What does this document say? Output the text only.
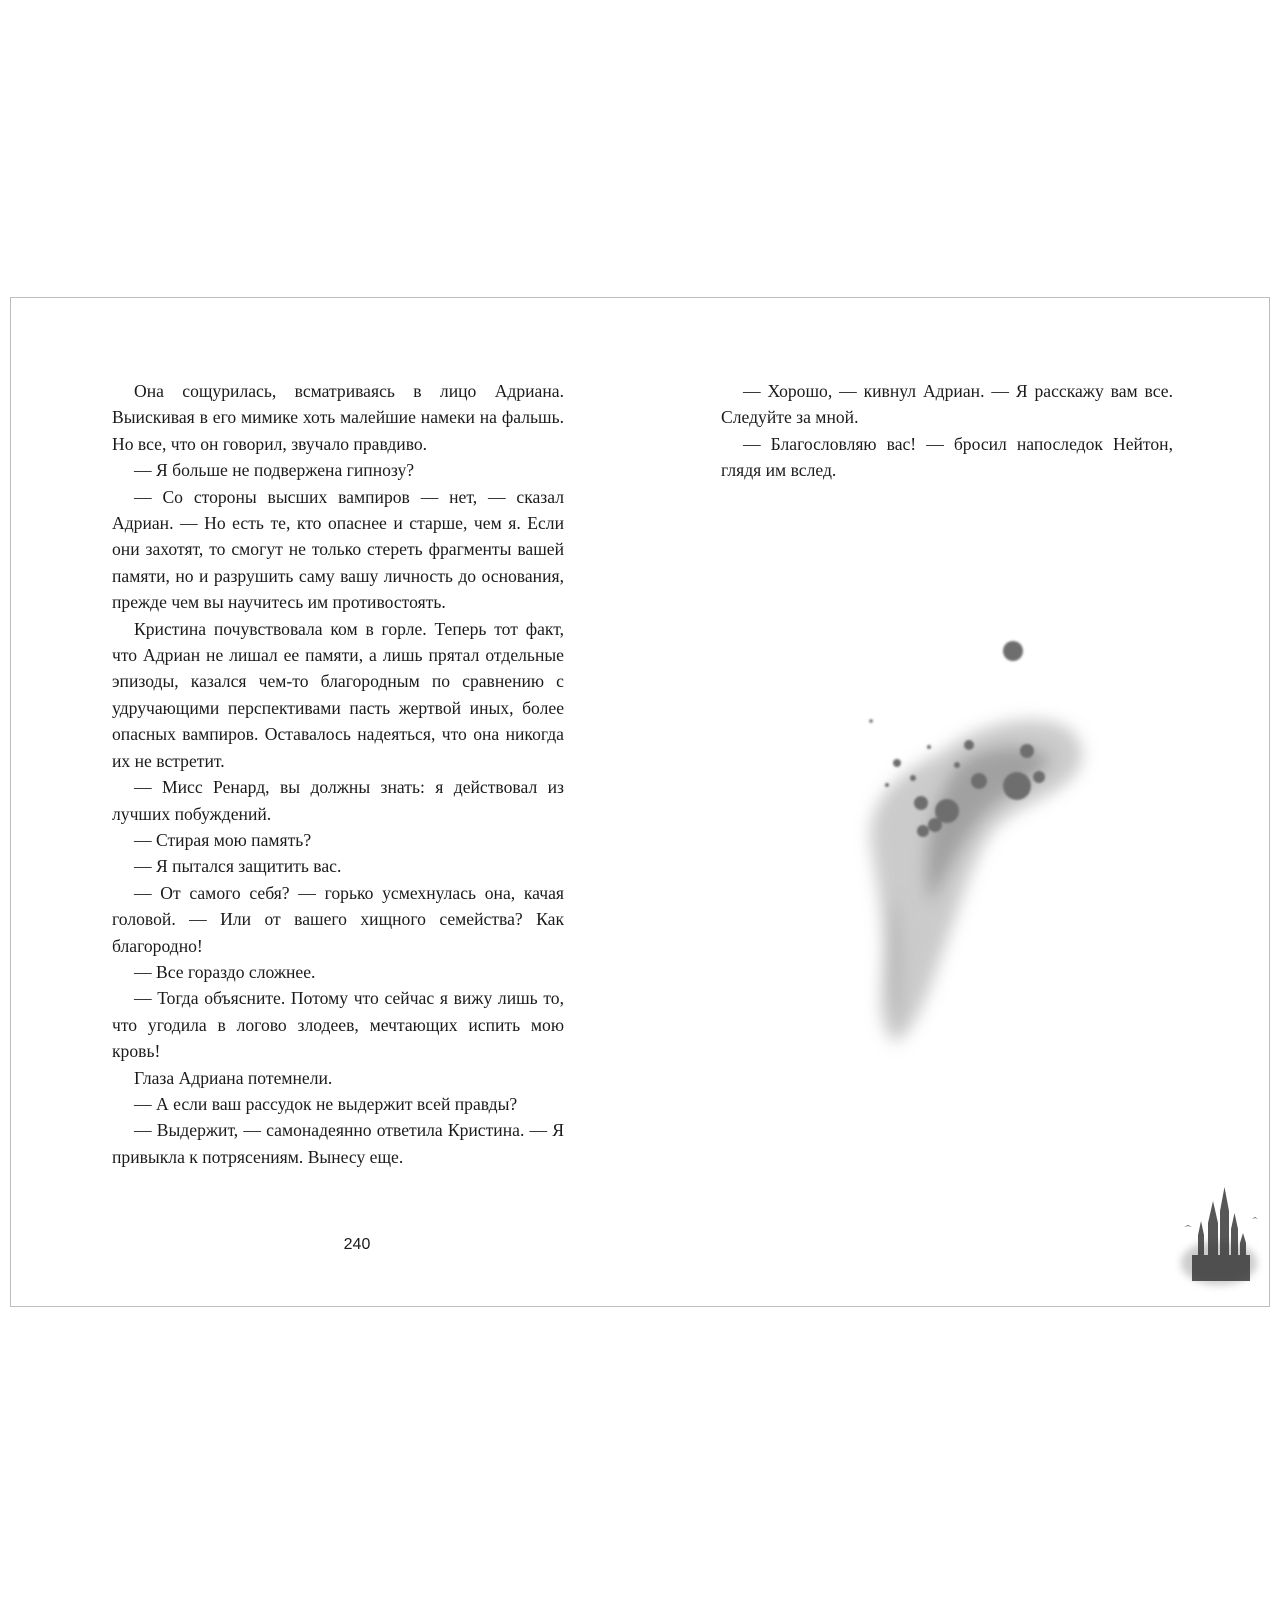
Она сощурилась, всматриваясь в лицо Адриана. Выискивая в его мимике хоть малейшие намеки на фальшь. Но все, что он говорил, звучало правдиво.

— Я больше не подвержена гипнозу?

— Со стороны высших вампиров — нет, — сказал Адриан. — Но есть те, кто опаснее и старше, чем я. Если они захотят, то смогут не только стереть фрагменты вашей памяти, но и разрушить саму вашу личность до основания, прежде чем вы научитесь им противостоять.

Кристина почувствовала ком в горле. Теперь тот факт, что Адриан не лишал ее памяти, а лишь прятал отдельные эпизоды, казался чем-то благородным по сравнению с удручающими перспективами пасть жертвой иных, более опасных вампиров. Оставалось надеяться, что она никогда их не встретит.

— Мисс Ренард, вы должны знать: я действовал из лучших побуждений.

— Стирая мою память?

— Я пытался защитить вас.

— От самого себя? — горько усмехнулась она, качая головой. — Или от вашего хищного семейства? Как благородно!

— Все гораздо сложнее.

— Тогда объясните. Потому что сейчас я вижу лишь то, что угодила в логово злодеев, мечтающих испить мою кровь!

Глаза Адриана потемнели.

— А если ваш рассудок не выдержит всей правды?

— Выдержит, — самонадеянно ответила Кристина. — Я привыкла к потрясениям. Вынесу еще.

240

— Хорошо, — кивнул Адриан. — Я расскажу вам все. Следуйте за мной.

— Благословляю вас! — бросил напоследок Нейтон, глядя им вслед.
